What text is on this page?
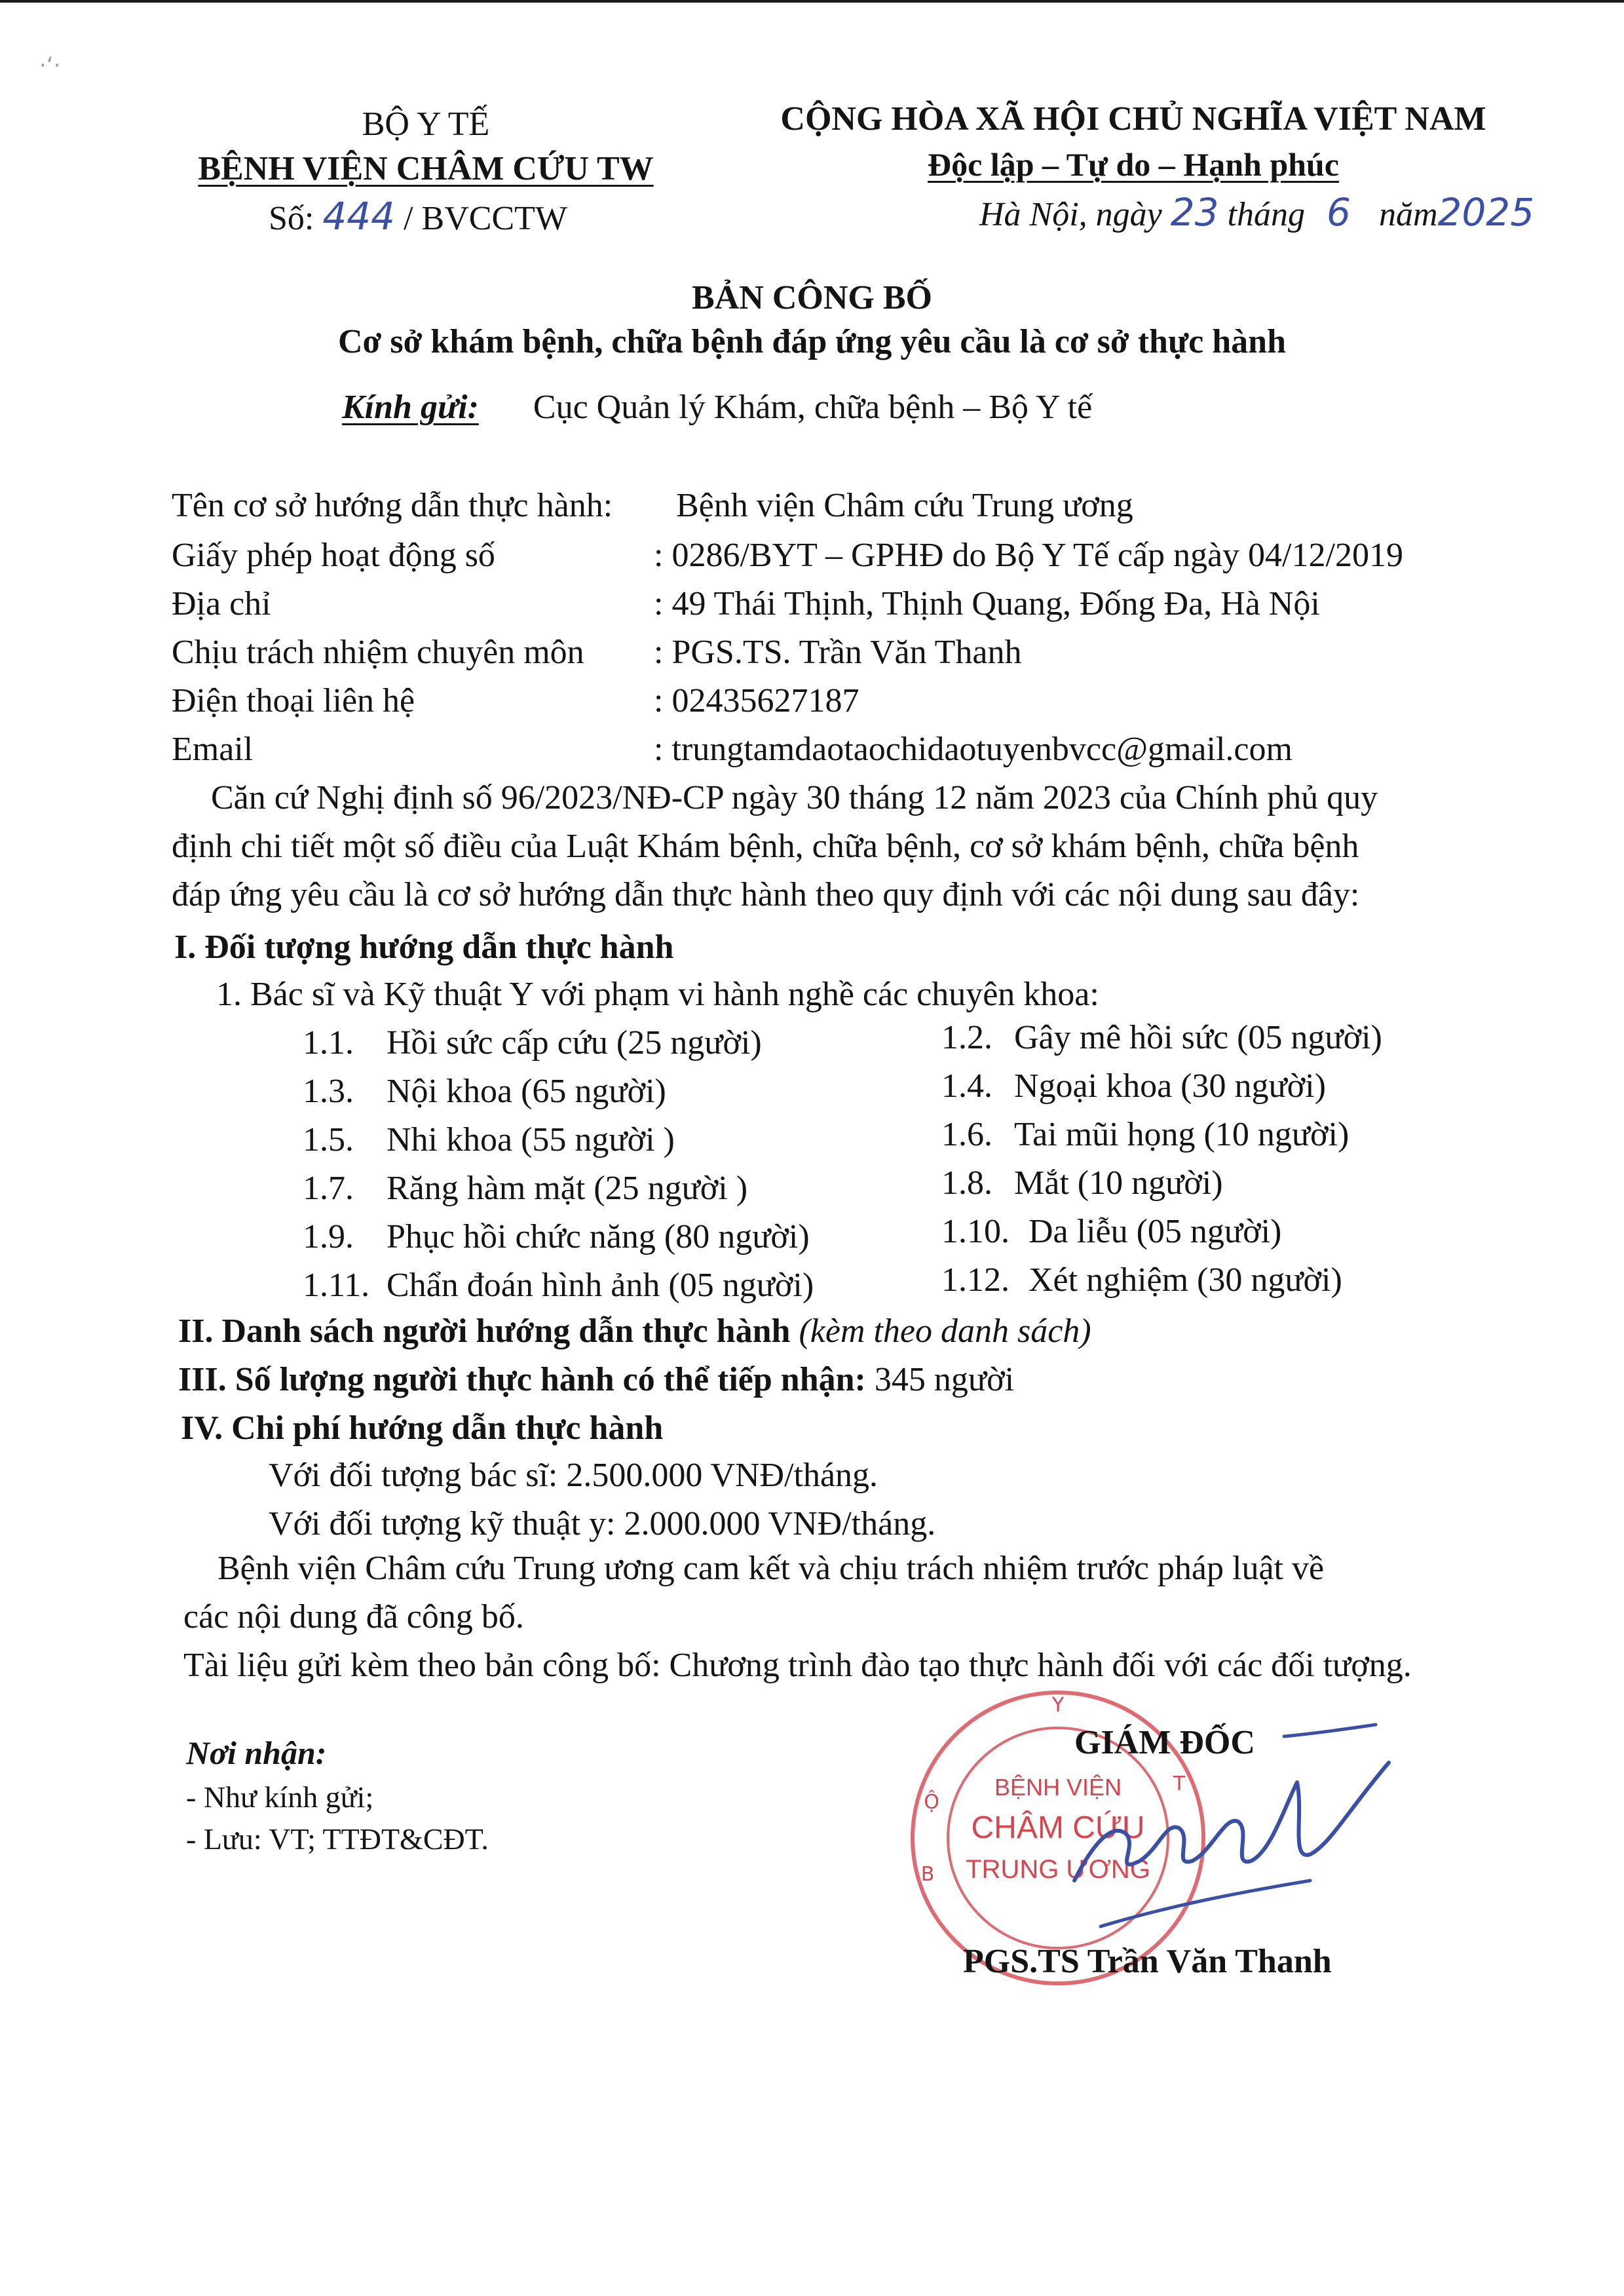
·ʻ·
BỘ Y TẾ
BỆNH VIỆN CHÂM CỨU TW
Số: 444 / BVCCTW
CỘNG HÒA XÃ HỘI CHỦ NGHĨA VIỆT NAM
Độc lập – Tự do – Hạnh phúc
Hà Nội, ngày 23 tháng 6 năm2025
BẢN CÔNG BỐ
Cơ sở khám bệnh, chữa bệnh đáp ứng yêu cầu là cơ sở thực hành
Kính gửi: Cục Quản lý Khám, chữa bệnh – Bộ Y tế
Tên cơ sở hướng dẫn thực hành: Bệnh viện Châm cứu Trung ương
Giấy phép hoạt động số	: 0286/BYT – GPHĐ do Bộ Y Tế cấp ngày 04/12/2019
Địa chỉ	: 49 Thái Thịnh, Thịnh Quang, Đống Đa, Hà Nội
Chịu trách nhiệm chuyên môn : PGS.TS. Trần Văn Thanh
Điện thoại liên hệ	: 02435627187
Email	: trungtamdaotaochidaotuyenbvcc@gmail.com
Căn cứ Nghị định số 96/2023/NĐ-CP ngày 30 tháng 12 năm 2023 của Chính phủ quy
định chi tiết một số điều của Luật Khám bệnh, chữa bệnh, cơ sở khám bệnh, chữa bệnh
đáp ứng yêu cầu là cơ sở hướng dẫn thực hành theo quy định với các nội dung sau đây:
I. Đối tượng hướng dẫn thực hành
1. Bác sĩ và Kỹ thuật Y với phạm vi hành nghề các chuyên khoa:
1.1. Hồi sức cấp cứu (25 người)	1.2. Gây mê hồi sức (05 người)
1.3. Nội khoa (65 người)	1.4. Ngoại khoa (30 người)
1.5. Nhi khoa (55 người )	1.6. Tai mũi họng (10 người)
1.7. Răng hàm mặt (25 người )	1.8. Mắt (10 người)
1.9. Phục hồi chức năng (80 người)	1.10. Da liễu (05 người)
1.11. Chẩn đoán hình ảnh (05 người)	1.12. Xét nghiệm (30 người)
II. Danh sách người hướng dẫn thực hành (kèm theo danh sách)
III. Số lượng người thực hành có thể tiếp nhận: 345 người
IV. Chi phí hướng dẫn thực hành
Với đối tượng bác sĩ: 2.500.000 VNĐ/tháng.
Với đối tượng kỹ thuật y: 2.000.000 VNĐ/tháng.
Bệnh viện Châm cứu Trung ương cam kết và chịu trách nhiệm trước pháp luật về
các nội dung đã công bố.
Tài liệu gửi kèm theo bản công bố: Chương trình đào tạo thực hành đối với các đối tượng.
Nơi nhận:
- Như kính gửi;
- Lưu: VT; TTĐT&CĐT.
Y
T
B
Ộ
BỆNH VIỆN
CHÂM CỨU
TRUNG ƯƠNG
GIÁM ĐỐC
PGS.TS Trần Văn Thanh
